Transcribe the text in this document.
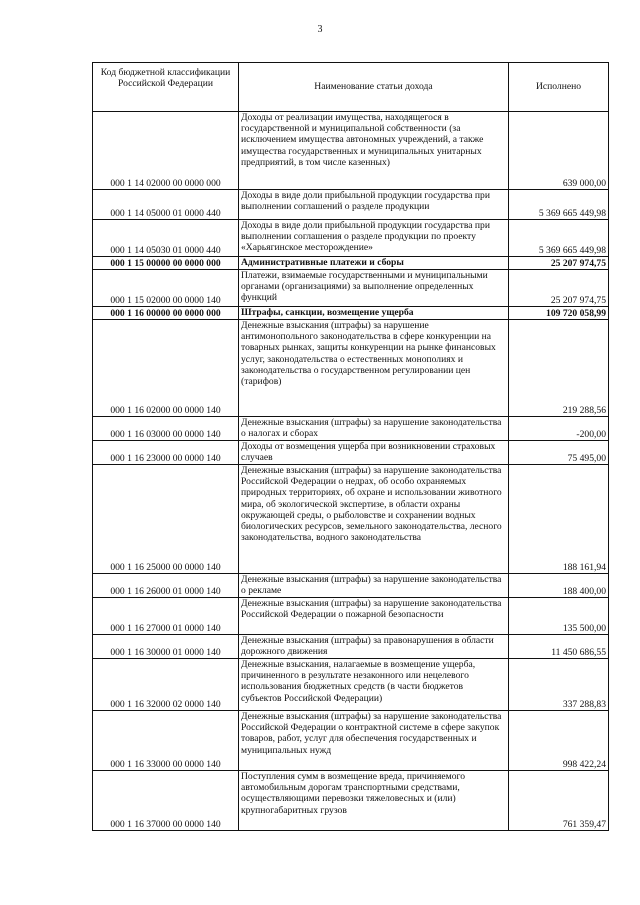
3
Код бюджетной классификации Российской Федерации	Наименование статьи дохода	Исполнено
000 1 14 02000 00 0000 000	Доходы от реализации имущества, находящегося в государственной и муниципальной собственности (за исключением имущества автономных учреждений, а также имущества государственных и муниципальных унитарных предприятий, в том числе казенных)	639 000,00
000 1 14 05000 01 0000 440	Доходы в виде доли прибыльной продукции государства при выполнении соглашений о разделе продукции	5 369 665 449,98
000 1 14 05030 01 0000 440	Доходы в виде доли прибыльной продукции государства при выполнении соглашения о разделе продукции по проекту «Харьягинское месторождение»	5 369 665 449,98
000 1 15 00000 00 0000 000	Административные платежи и сборы	25 207 974,75
000 1 15 02000 00 0000 140	Платежи, взимаемые государственными и муниципальными органами (организациями) за выполнение определенных функций	25 207 974,75
000 1 16 00000 00 0000 000	Штрафы, санкции, возмещение ущерба	109 720 058,99
000 1 16 02000 00 0000 140	Денежные взыскания (штрафы) за нарушение антимонопольного законодательства в сфере конкуренции на товарных рынках, защиты конкуренции на рынке финансовых услуг, законодательства о естественных монополиях и законодательства о государственном регулировании цен (тарифов)	219 288,56
000 1 16 03000 00 0000 140	Денежные взыскания (штрафы) за нарушение законодательства о налогах и сборах	-200,00
000 1 16 23000 00 0000 140	Доходы от возмещения ущерба при возникновении страховых случаев	75 495,00
000 1 16 25000 00 0000 140	Денежные взыскания (штрафы) за нарушение законодательства Российской Федерации о недрах, об особо охраняемых природных территориях, об охране и использовании животного мира, об экологической экспертизе, в области охраны окружающей среды, о рыболовстве и сохранении водных биологических ресурсов, земельного законодательства, лесного законодательства, водного законодательства	188 161,94
000 1 16 26000 01 0000 140	Денежные взыскания (штрафы) за нарушение законодательства о рекламе	188 400,00
000 1 16 27000 01 0000 140	Денежные взыскания (штрафы) за нарушение законодательства Российской Федерации о пожарной безопасности	135 500,00
000 1 16 30000 01 0000 140	Денежные взыскания (штрафы) за правонарушения в области дорожного движения	11 450 686,55
000 1 16 32000 02 0000 140	Денежные взыскания, налагаемые в возмещение ущерба, причиненного в результате незаконного или нецелевого использования бюджетных средств (в части бюджетов субъектов Российской Федерации)	337 288,83
000 1 16 33000 00 0000 140	Денежные взыскания (штрафы) за нарушение законодательства Российской Федерации о контрактной системе в сфере закупок товаров, работ, услуг для обеспечения государственных и муниципальных нужд	998 422,24
000 1 16 37000 00 0000 140	Поступления сумм в возмещение вреда, причиняемого автомобильным дорогам транспортными средствами, осуществляющими перевозки тяжеловесных и (или) крупногабаритных грузов	761 359,47
